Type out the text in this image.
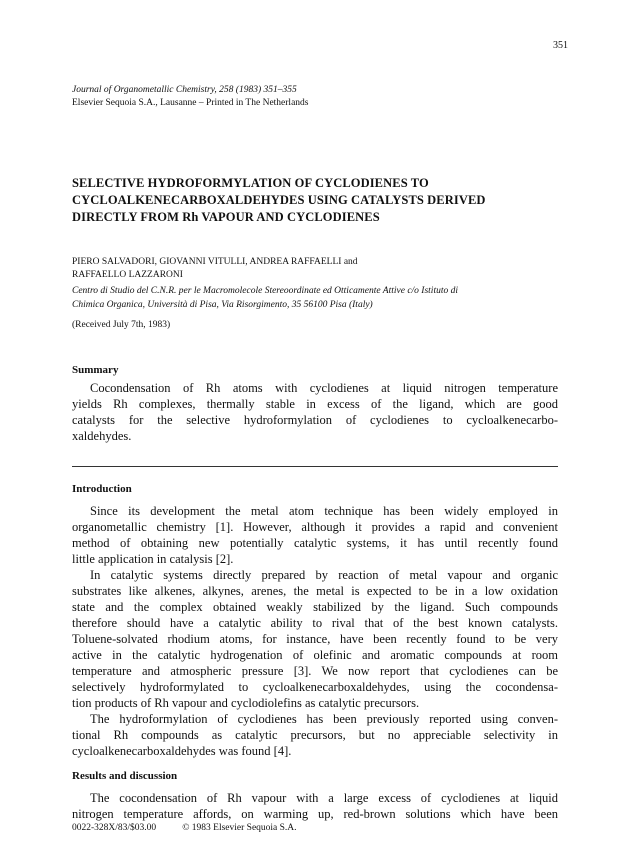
351
Journal of Organometallic Chemistry, 258 (1983) 351–355
Elsevier Sequoia S.A., Lausanne – Printed in The Netherlands
SELECTIVE HYDROFORMYLATION OF CYCLODIENES TO
CYCLOALKENECARBOXALDEHYDES USING CATALYSTS DERIVED
DIRECTLY FROM Rh VAPOUR AND CYCLODIENES
PIERO SALVADORI, GIOVANNI VITULLI, ANDREA RAFFAELLI and
RAFFAELLO LAZZARONI
Centro di Studio del C.N.R. per le Macromolecole Stereoordinate ed Otticamente Attive c/o Istituto di
Chimica Organica, Università di Pisa, Via Risorgimento, 35 56100 Pisa (Italy)
(Received July 7th, 1983)
Summary
Cocondensation of Rh atoms with cyclodienes at liquid nitrogen temperature
yields Rh complexes, thermally stable in excess of the ligand, which are good
catalysts for the selective hydroformylation of cyclodienes to cycloalkenecarbo-
xaldehydes.
Introduction
Since its development the metal atom technique has been widely employed in
organometallic chemistry [1]. However, although it provides a rapid and convenient
method of obtaining new potentially catalytic systems, it has until recently found
little application in catalysis [2].
In catalytic systems directly prepared by reaction of metal vapour and organic
substrates like alkenes, alkynes, arenes, the metal is expected to be in a low oxidation
state and the complex obtained weakly stabilized by the ligand. Such compounds
therefore should have a catalytic ability to rival that of the best known catalysts.
Toluene-solvated rhodium atoms, for instance, have been recently found to be very
active in the catalytic hydrogenation of olefinic and aromatic compounds at room
temperature and atmospheric pressure [3]. We now report that cyclodienes can be
selectively hydroformylated to cycloalkenecarboxaldehydes, using the cocondensa-
tion products of Rh vapour and cyclodiolefins as catalytic precursors.
The hydroformylation of cyclodienes has been previously reported using conven-
tional Rh compounds as catalytic precursors, but no appreciable selectivity in
cycloalkenecarboxaldehydes was found [4].
Results and discussion
The cocondensation of Rh vapour with a large excess of cyclodienes at liquid
nitrogen temperature affords, on warming up, red-brown solutions which have been
0022-328X/83/$03.00	© 1983 Elsevier Sequoia S.A.
